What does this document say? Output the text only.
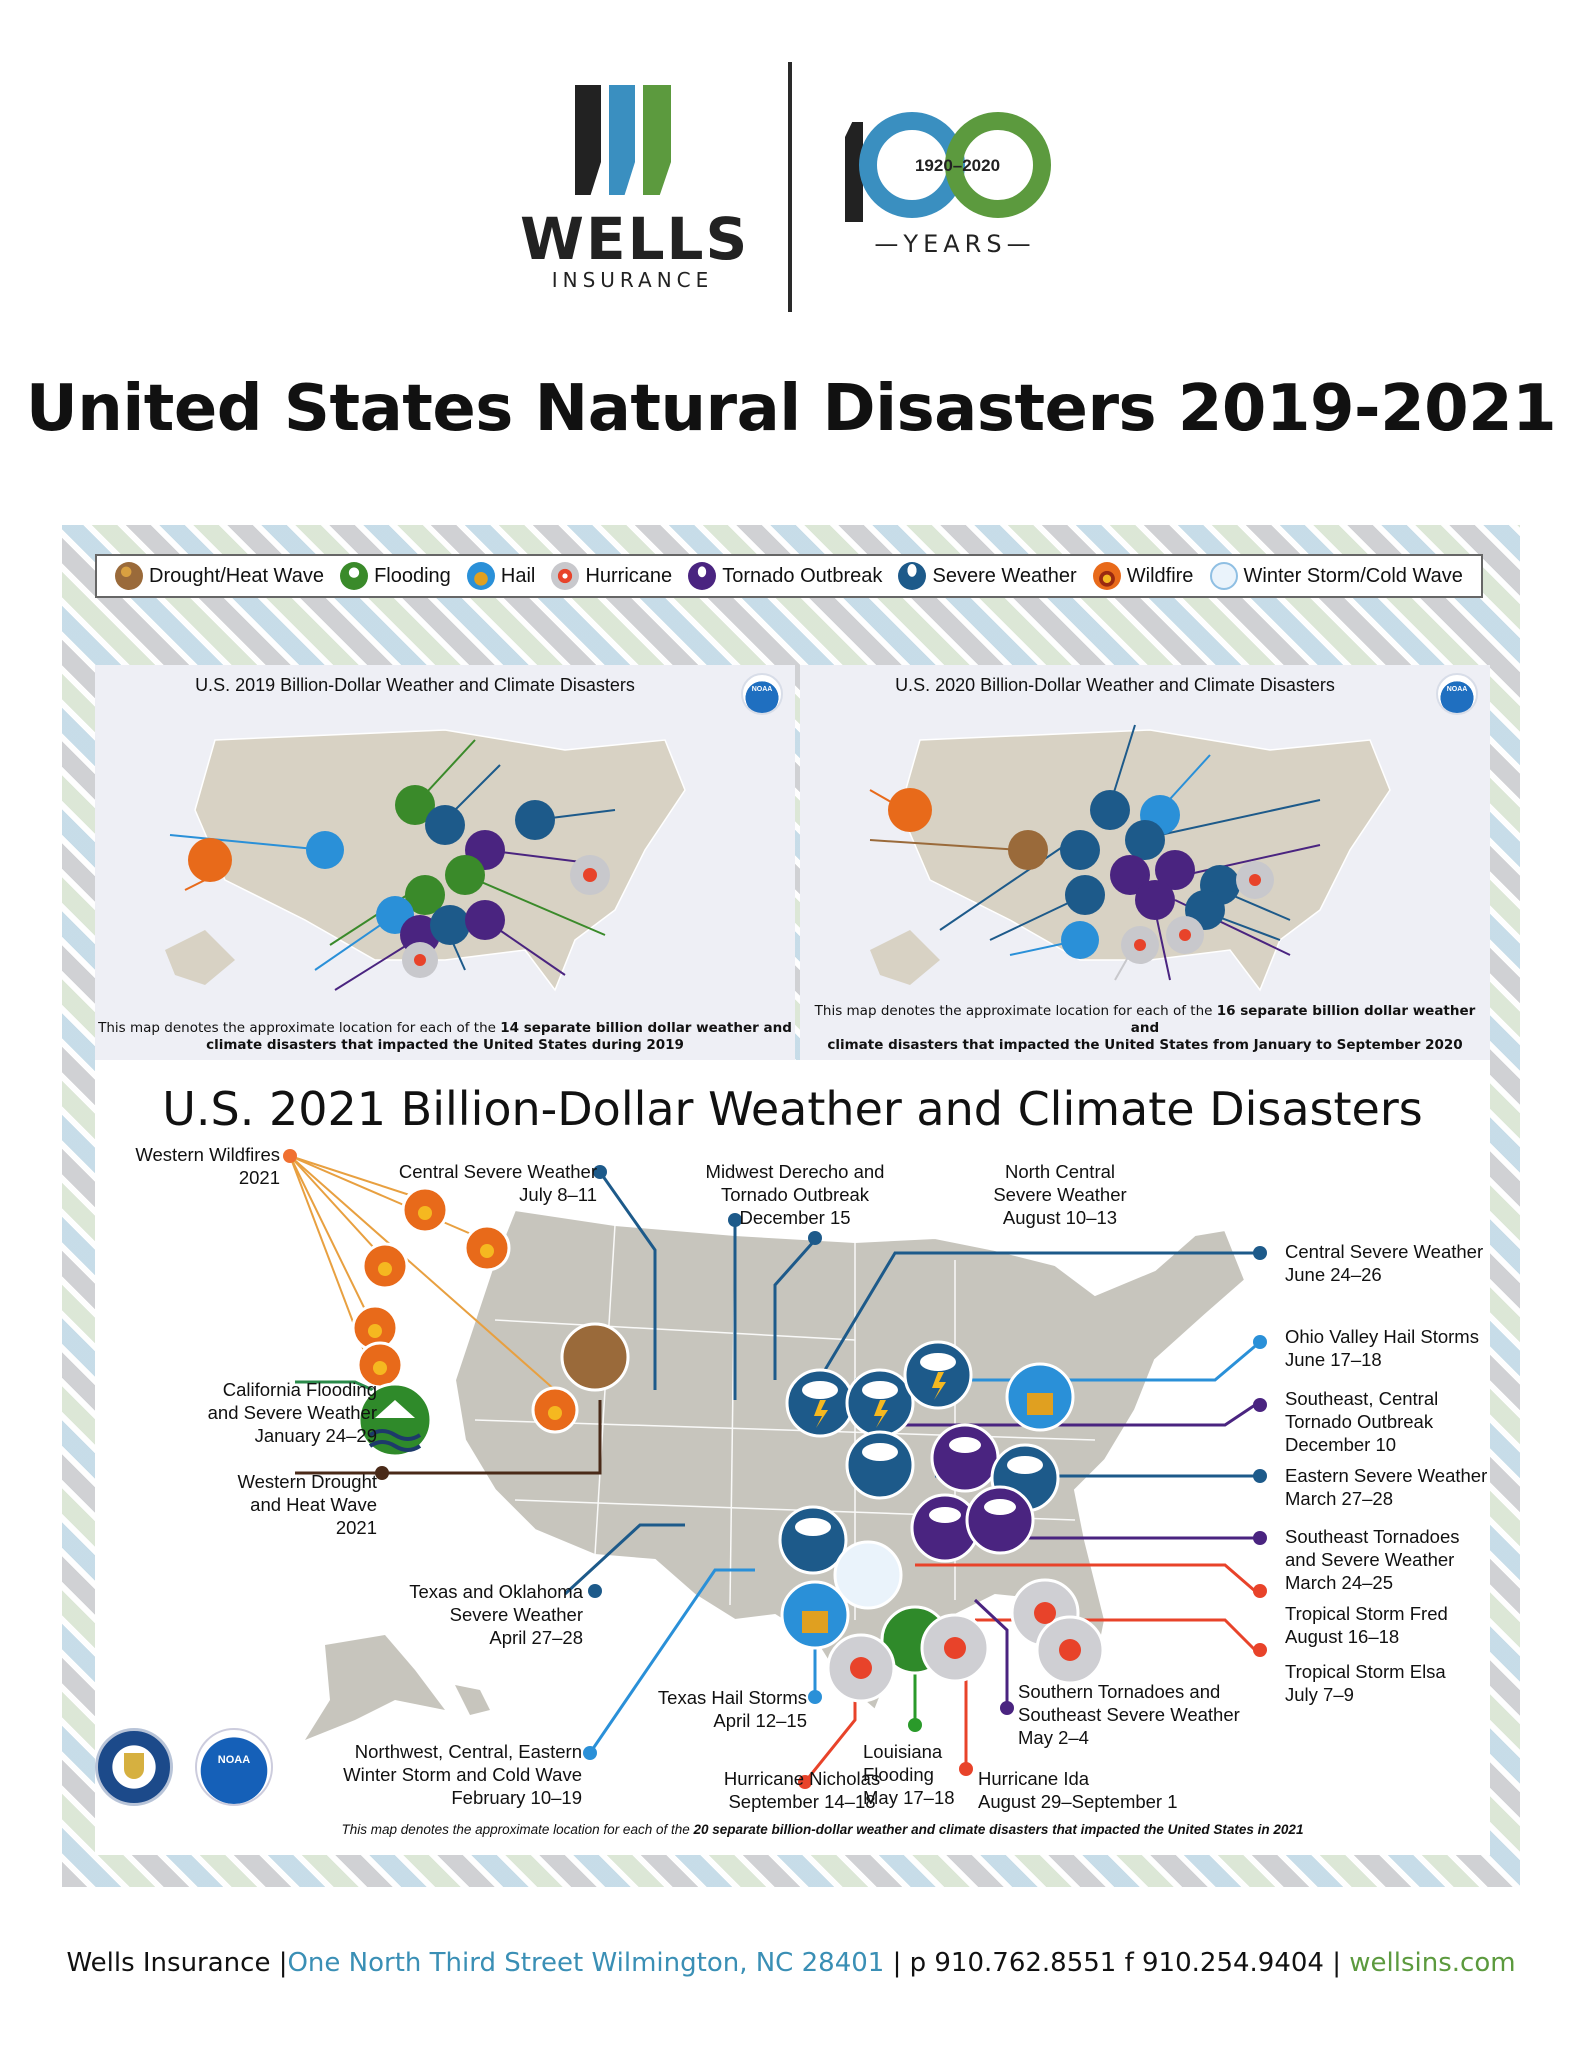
WELLS
INSURANCE
1920–2020
—YEARS—
United States Natural Disasters 2019-2021
Drought/Heat Wave	Flooding	Hail	Hurricane	Tornado Outbreak	Severe Weather	Wildfire	Winter Storm/Cold Wave
U.S. 2019 Billion-Dollar Weather and Climate Disasters
NOAA
This map denotes the approximate location for each of the 14 separate billion dollar weather and
climate disasters that impacted the United States during 2019
U.S. 2020 Billion-Dollar Weather and Climate Disasters
NOAA
This map denotes the approximate location for each of the 16 separate billion dollar weather and
climate disasters that impacted the United States from January to September 2020
U.S. 2021 Billion-Dollar Weather and Climate Disasters
Western Wildfires
2021	Central Severe Weather
July 8–11
Midwest Derecho and
Tornado Outbreak
December 15
North Central
Severe Weather
August 10–13
Central Severe Weather
June 24–26
Ohio Valley Hail Storms
June 17–18
Southeast, Central
Tornado Outbreak
December 10
Eastern Severe Weather
March 27–28
Southeast Tornadoes
and Severe Weather
March 24–25
Tropical Storm Fred
August 16–18
Tropical Storm Elsa
July 7–9
California Flooding
and Severe Weather
January 24–29
Western Drought
and Heat Wave
2021
Texas and Oklahoma
Severe Weather
April 27–28
Northwest, Central, Eastern
Winter Storm and Cold Wave
February 10–19
Texas Hail Storms
April 12–15
Hurricane Nicholas
September 14–18
Louisiana
Flooding
May 17–18
Hurricane Ida
August 29–September 1
Southern Tornadoes and
Southeast Severe Weather
May 2–4
NOAA
This map denotes the approximate location for each of the 20 separate billion-dollar weather and climate disasters that impacted the United States in 2021
Wells Insurance |One North Third Street Wilmington, NC 28401 | p 910.762.8551 f 910.254.9404 | wellsins.com
